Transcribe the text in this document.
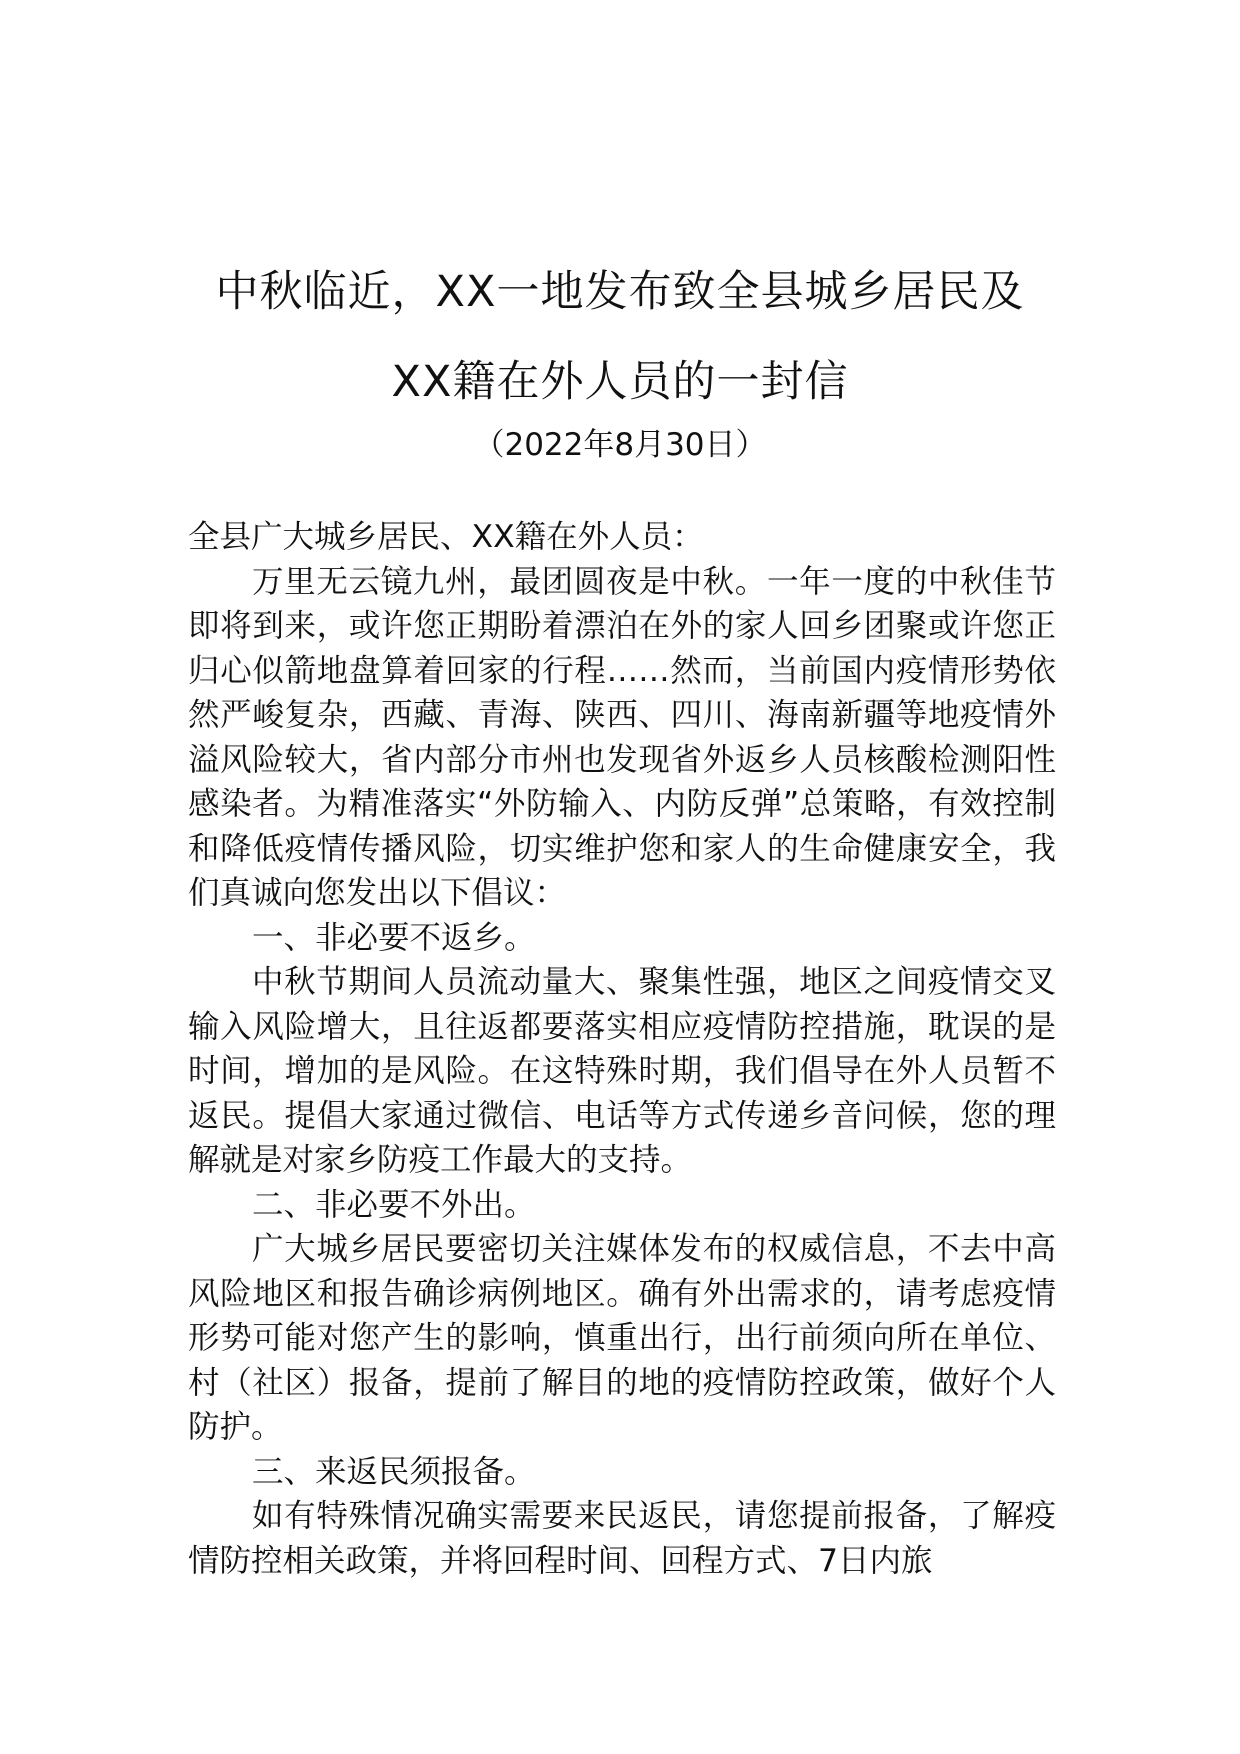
中秋临近，XX一地发布致全县城乡居民及
XX籍在外人员的一封信
（2022年8月30日）

全县广大城乡居民、XX籍在外人员：

万里无云镜九州，最团圆夜是中秋。一年一度的中秋佳节即将到来，或许您正期盼着漂泊在外的家人回乡团聚或许您正归心似箭地盘算着回家的行程……然而，当前国内疫情形势依然严峻复杂，西藏、青海、陕西、四川、海南新疆等地疫情外溢风险较大，省内部分市州也发现省外返乡人员核酸检测阳性感染者。为精准落实“外防输入、内防反弹”总策略，有效控制和降低疫情传播风险，切实维护您和家人的生命健康安全，我们真诚向您发出以下倡议：

一、非必要不返乡。

中秋节期间人员流动量大、聚集性强，地区之间疫情交叉输入风险增大，且往返都要落实相应疫情防控措施，耽误的是时间，增加的是风险。在这特殊时期，我们倡导在外人员暂不返民。提倡大家通过微信、电话等方式传递乡音问候，您的理解就是对家乡防疫工作最大的支持。

二、非必要不外出。

广大城乡居民要密切关注媒体发布的权威信息，不去中高风险地区和报告确诊病例地区。确有外出需求的，请考虑疫情形势可能对您产生的影响，慎重出行，出行前须向所在单位、村（社区）报备，提前了解目的地的疫情防控政策，做好个人防护。

三、来返民须报备。

如有特殊情况确实需要来民返民，请您提前报备，了解疫情防控相关政策，并将回程时间、回程方式、7日内旅
